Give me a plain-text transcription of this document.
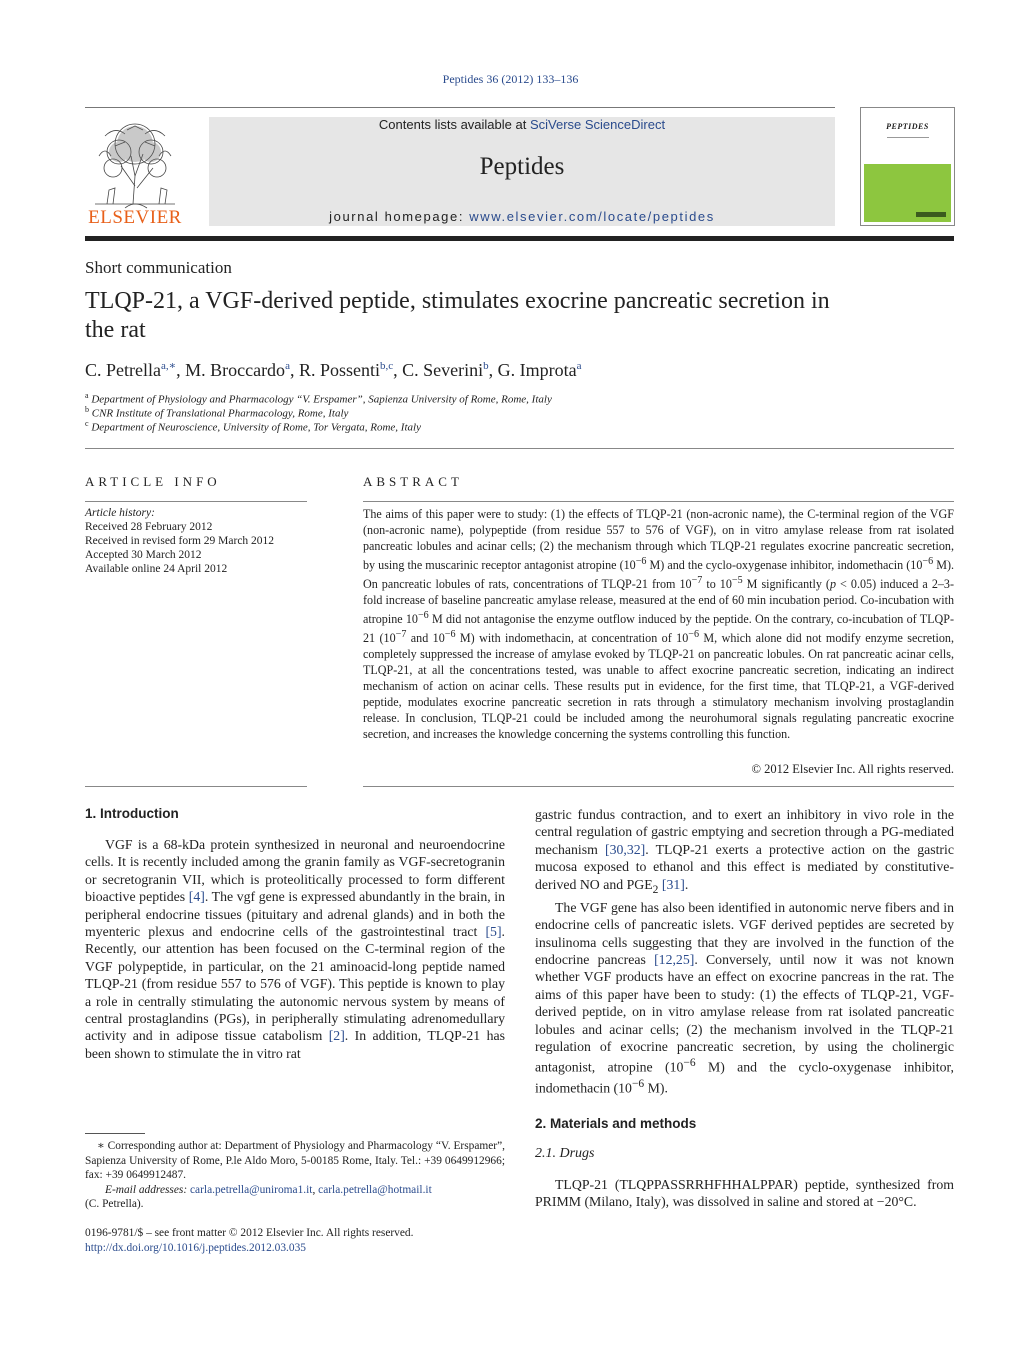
Peptides 36 (2012) 133–136
ELSEVIER
Contents lists available at SciVerse ScienceDirect
Peptides
journal homepage: www.elsevier.com/locate/peptides
PEPTIDES
Short communication
TLQP-21, a VGF-derived peptide, stimulates exocrine pancreatic secretion in the rat
C. Petrella$^{a,∗}$, M. Broccardo$^a$, R. Possenti$^{b,c}$, C. Severini$^b$, G. Improta$^a$
$^a$ Department of Physiology and Pharmacology “V. Erspamer”, Sapienza University of Rome, Rome, Italy
$^b$ CNR Institute of Translational Pharmacology, Rome, Italy
$^c$ Department of Neuroscience, University of Rome, Tor Vergata, Rome, Italy
ARTICLE INFO
Article history:
Received 28 February 2012
Received in revised form 29 March 2012
Accepted 30 March 2012
Available online 24 April 2012
ABSTRACT
The aims of this paper were to study: (1) the effects of TLQP-21 (non-acronic name), the C-terminal region of the VGF (non-acronic name), polypeptide (from residue 557 to 576 of VGF), on in vitro amylase release from rat isolated pancreatic lobules and acinar cells; (2) the mechanism through which TLQP-21 regulates exocrine pancreatic secretion, by using the muscarinic receptor antagonist atropine ($10^{-6}$ M) and the cyclo-oxygenase inhibitor, indomethacin ($10^{-6}$ M). On pancreatic lobules of rats, concentrations of TLQP-21 from $10^{-7}$ to $10^{-5}$ M significantly (p < 0.05) induced a 2–3-fold increase of baseline pancreatic amylase release, measured at the end of 60 min incubation period. Co-incubation with atropine $10^{-6}$ M did not antagonise the enzyme outflow induced by the peptide. On the contrary, co-incubation of TLQP-21 ($10^{-7}$ and $10^{-6}$ M) with indomethacin, at concentration of $10^{-6}$ M, which alone did not modify enzyme secretion, completely suppressed the increase of amylase evoked by TLQP-21 on pancreatic lobules. On rat pancreatic acinar cells, TLQP-21, at all the concentrations tested, was unable to affect exocrine pancreatic secretion, indicating an indirect mechanism of action on acinar cells. These results put in evidence, for the first time, that TLQP-21, a VGF-derived peptide, modulates exocrine pancreatic secretion in rats through a stimulatory mechanism involving prostaglandin release. In conclusion, TLQP-21 could be included among the neurohumoral signals regulating pancreatic exocrine secretion, and increases the knowledge concerning the systems controlling this function.
© 2012 Elsevier Inc. All rights reserved.
1. Introduction

VGF is a 68-kDa protein synthesized in neuronal and neuroendocrine cells. It is recently included among the granin family as VGF-secretogranin or secretogranin VII, which is proteolitically processed to form different bioactive peptides [4]. The vgf gene is expressed abundantly in the brain, in peripheral endocrine tissues (pituitary and adrenal glands) and in both the myenteric plexus and endocrine cells of the gastrointestinal tract [5]. Recently, our attention has been focused on the C-terminal region of the VGF polypeptide, in particular, on the 21 aminoacid-long peptide named TLQP-21 (from residue 557 to 576 of VGF). This peptide is known to play a role in centrally stimulating the autonomic nervous system by means of central prostaglandins (PGs), in peripherally stimulating adrenomedullary activity and in adipose tissue catabolism [2]. In addition, TLQP-21 has been shown to stimulate the in vitro rat

∗ Corresponding author at: Department of Physiology and Pharmacology “V. Erspamer”, Sapienza University of Rome, P.le Aldo Moro, 5-00185 Rome, Italy. Tel.: +39 0649912966; fax: +39 0649912487.
E-mail addresses: carla.petrella@uniroma1.it, carla.petrella@hotmail.it
(C. Petrella).
0196-9781/$ – see front matter © 2012 Elsevier Inc. All rights reserved.
http://dx.doi.org/10.1016/j.peptides.2012.03.035

gastric fundus contraction, and to exert an inhibitory in vivo role in the central regulation of gastric emptying and secretion through a PG-mediated mechanism [30,32]. TLQP-21 exerts a protective action on the gastric mucosa exposed to ethanol and this effect is mediated by constitutive-derived NO and $PGE_2$ [31].

The VGF gene has also been identified in autonomic nerve fibers and in endocrine cells of pancreatic islets. VGF derived peptides are secreted by insulinoma cells suggesting that they are involved in the function of the endocrine pancreas [12,25]. Conversely, until now it was not known whether VGF products have an effect on exocrine pancreas in the rat. The aims of this paper have been to study: (1) the effects of TLQP-21, VGF-derived peptide, on in vitro amylase release from rat isolated pancreatic lobules and acinar cells; (2) the mechanism involved in the TLQP-21 regulation of exocrine pancreatic secretion, by using the cholinergic antagonist, atropine ($10^{-6}$ M) and the cyclo-oxygenase inhibitor, indomethacin ($10^{-6}$ M).

2. Materials and methods
2.1. Drugs

TLQP-21 (TLQPPASSRRHFHHALPPAR) peptide, synthesized from PRIMM (Milano, Italy), was dissolved in saline and stored at −20°C.
